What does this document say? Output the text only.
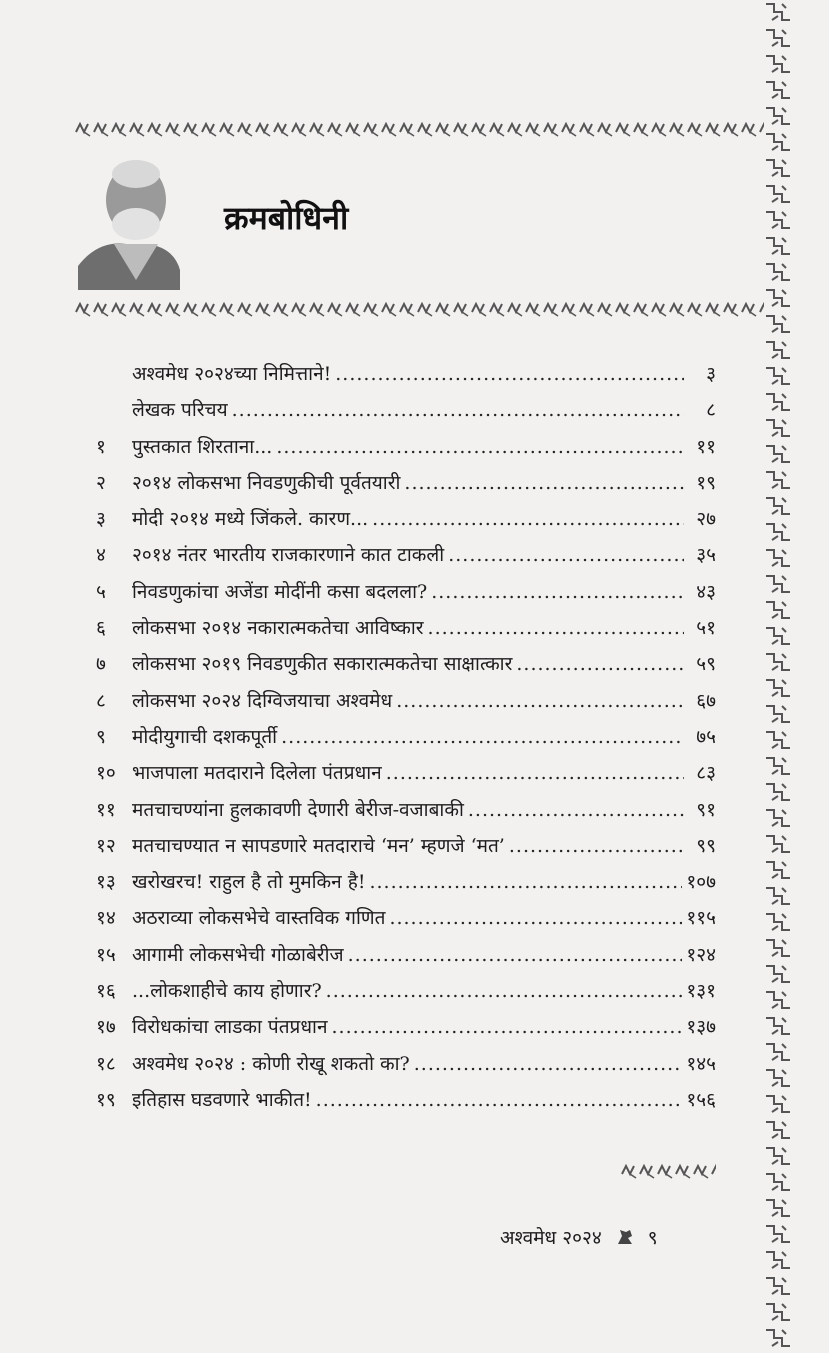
क्रमबोधिनी
अश्वमेध २०२४च्या निमित्ताने! .....	३
लेखक परिचय .....	८
१	पुस्तकात शिरताना... .....	११
२	२०१४ लोकसभा निवडणुकीची पूर्वतयारी .....	१९
३	मोदी २०१४ मध्ये जिंकले. कारण... .....	२७
४	२०१४ नंतर भारतीय राजकारणाने कात टाकली .....	३५
५	निवडणुकांचा अजेंडा मोदींनी कसा बदलला? .....	४३
६	लोकसभा २०१४ नकारात्मकतेचा आविष्कार .....	५१
७	लोकसभा २०१९ निवडणुकीत सकारात्मकतेचा साक्षात्कार .....	५९
८	लोकसभा २०२४ दिग्विजयाचा अश्वमेध .....	६७
९	मोदीयुगाची दशकपूर्ती .....	७५
१० भाजपाला मतदाराने दिलेला पंतप्रधान .....	८३
११ मतचाचण्यांना हुलकावणी देणारी बेरीज-वजाबाकी .....	९१
१२ मतचाचण्यात न सापडणारे मतदाराचे ‘मन’ म्हणजे ‘मत’ .....	९९
१३ खरोखरच! राहुल है तो मुमकिन है! .....	१०७
१४ अठराव्या लोकसभेचे वास्तविक गणित .....	११५
१५ आगामी लोकसभेची गोळाबेरीज .....	१२४
१६ ...लोकशाहीचे काय होणार? .....	१३१
१७ विरोधकांचा लाडका पंतप्रधान .....	१३७
१८ अश्वमेध २०२४ : कोणी रोखू शकतो का? .....	१४५
१९ इतिहास घडवणारे भाकीत! .....	१५६
अश्वमेध २०२४ ९
